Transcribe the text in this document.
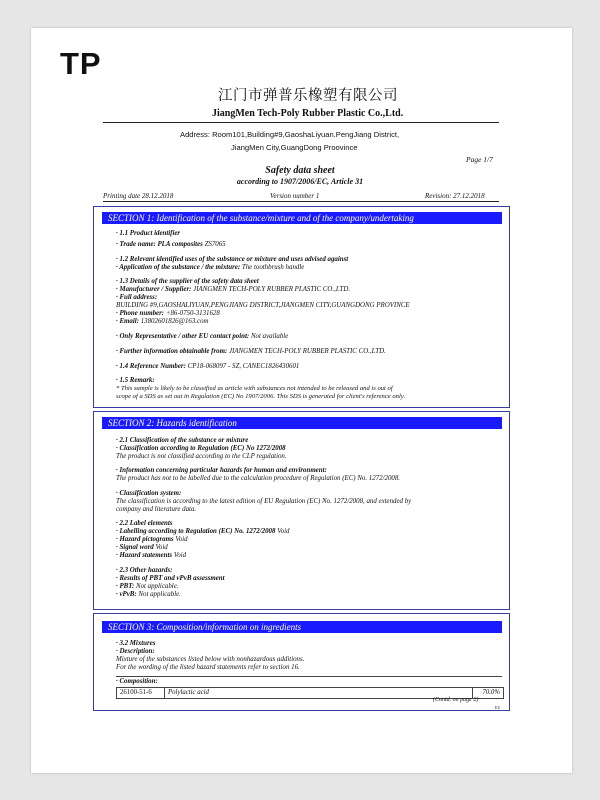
TP
江门市弹普乐橡塑有限公司
JiangMen Tech-Poly Rubber Plastic Co.,Ltd.
Address: Room101,Building#9,GaoshaLiyuan.PengJiang District,
JiangMen City,GuangDong Proovince
Page 1/7
Safety data sheet
according to 1907/2006/EC, Article 31
Printing date 28.12.2018	Version number 1	Revision: 27.12.2018
SECTION 1: Identification of the substance/mixture and of the company/undertaking
· 1.1 Product identifier
· Trade name: PLA composites ZS7065
· 1.2 Relevant identified uses of the substance or mixture and uses advised against
· Application of the substance / the mixture: The toothbrush handle
· 1.3 Details of the supplier of the safety data sheet
· Manufacturer / Supplier: JIANGMEN TECH-POLY RUBBER PLASTIC CO.,LTD.
· Full address:
BUILDING #9,GAOSHALIYUAN,PENGJIANG DISTRICT,JIANGMEN CITY,GUANGDONG PROVINCE
· Phone number: +86-0750-3131628
· Email: 13802601826@163.com
· Only Representative / other EU contact point: Not available
· Further information obtainable from: JIANGMEN TECH-POLY RUBBER PLASTIC CO.,LTD.
· 1.4 Reference Number: CP18-068097 - SZ, CANEC1826430601
· 1.5 Remark:
* This sample is likely to be classified as article with substances not intended to be released and is out of
scope of a SDS as set out in Regulation (EC) No 1907/2006. This SDS is generated for client's reference only.
SECTION 2: Hazards identification
· 2.1 Classification of the substance or mixture
· Classification according to Regulation (EC) No 1272/2008
The product is not classified according to the CLP regulation.
· Information concerning particular hazards for human and environment:
The product has not to be labelled due to the calculation procedure of Regulation (EC) No. 1272/2008.
· Classification system:
The classification is according to the latest edition of EU Regulation (EC) No. 1272/2008, and extended by
company and literature data.
· 2.2 Label elements
· Labelling according to Regulation (EC) No. 1272/2008 Void
· Hazard pictograms Void
· Signal word Void
· Hazard statements Void
· 2.3 Other hazards:
· Results of PBT and vPvB assessment
· PBT: Not applicable.
· vPvB: Not applicable.
SECTION 3: Composition/information on ingredients
· 3.2 Mixtures
· Description:
Mixture of the substances listed below with nonhazardous additions.
For the wording of the listed hazard statements refer to section 16.
· Composition:
26100-51-6 Polylactic acid	70.0%
(Contd. on page 2)
EU
